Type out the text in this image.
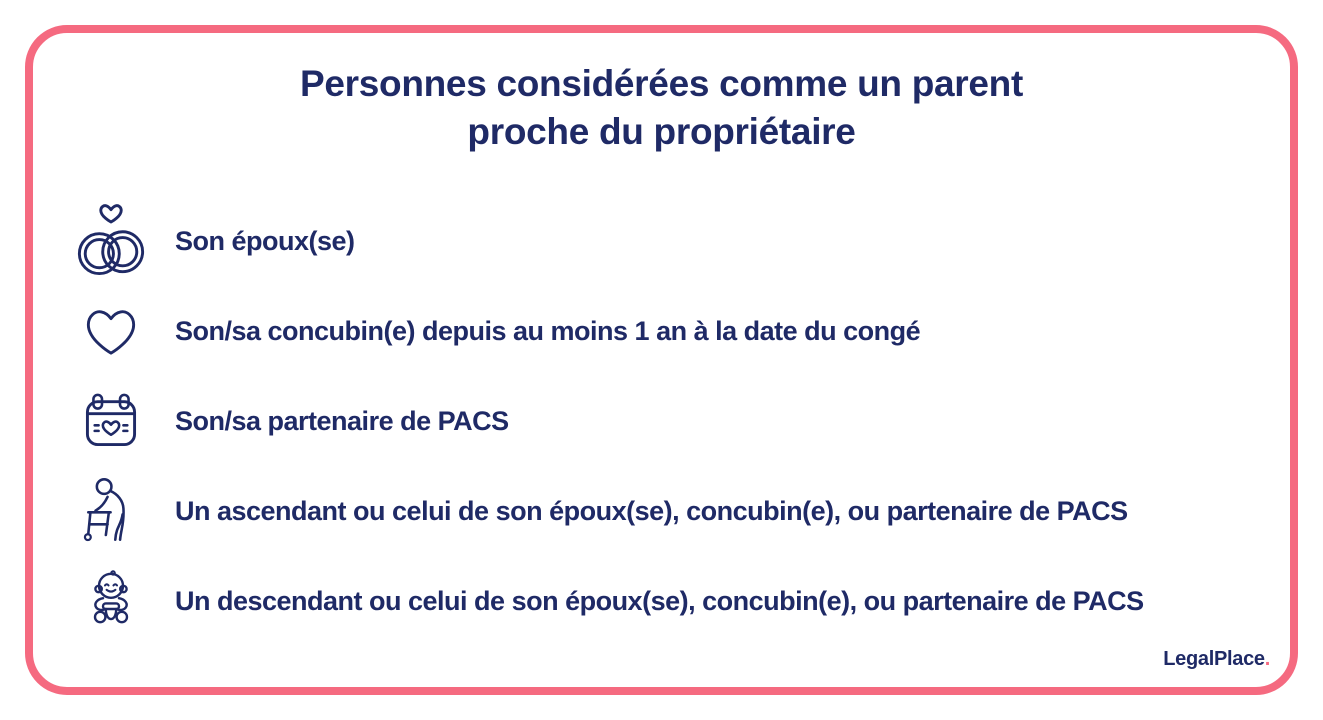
Personnes considérées comme un parent
proche du propriétaire
Son époux(se)
Son/sa concubin(e) depuis au moins 1 an à la date du congé
Son/sa partenaire de PACS
Un ascendant ou celui de son époux(se), concubin(e), ou partenaire de PACS
Un descendant ou celui de son époux(se), concubin(e), ou partenaire de PACS
LegalPlace.
